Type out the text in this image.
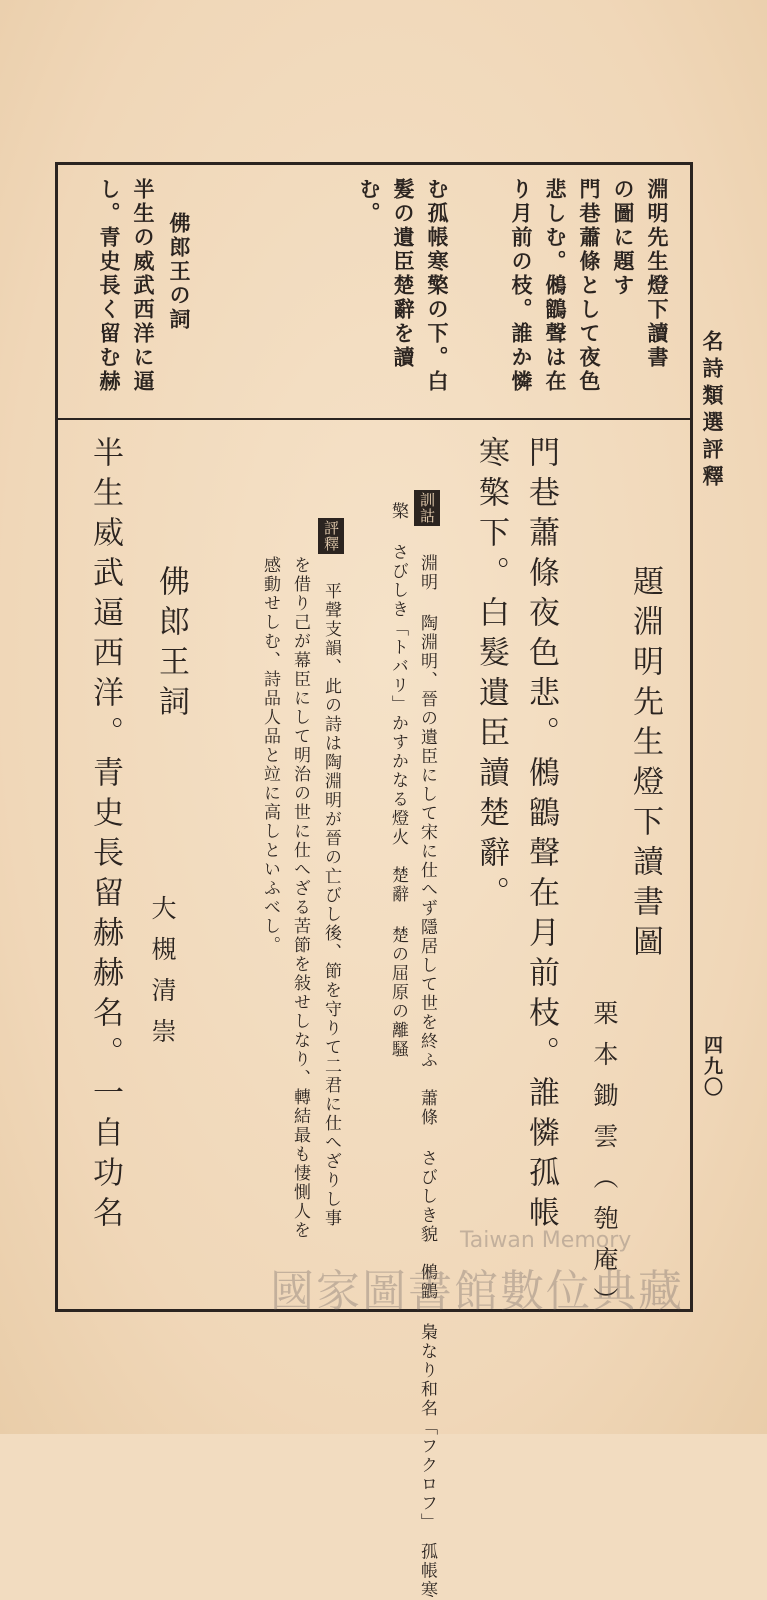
名詩類選評釋
四九〇
淵明先生燈下讀書
の圖に題す
門巷蕭條として夜色
悲しむ。鵂鶹聲は在
り月前の枝。誰か憐
む孤帳寒檠の下。白
髮の遺臣楚辭を讀
む。
佛郎王の詞
半生の威武西洋に逼
し。青史長く留む赫
題淵明先生燈下讀書圖
栗本鋤雲（匏庵）
門巷蕭條夜色悲。鵂鶹聲在月前枝。誰憐孤帳
寒檠下。白髮遺臣讀楚辭。
訓詁 淵明 陶淵明、晉の遺臣にして宋に仕へず隱居して世を終ふ　蕭條 さびしき貌　鵂鶹 梟なり和名「フクロフ」　孤帳寒
檠 さびしき「トバリ」かすかなる燈火　楚辭 楚の屈原の離騷
評釋 平聲支韻、此の詩は陶淵明が晉の亡びし後、節を守りて二君に仕へざりし事
を借り己が幕臣にして明治の世に仕へざる苦節を敍せしなり、轉結最も悽惻人を
感動せしむ、詩品人品と竝に高しといふべし。
佛郎王詞
大槻清崇
半生威武逼西洋。青史長留赫赫名。一自功名
Taiwan Memory
國家圖書館數位典藏
